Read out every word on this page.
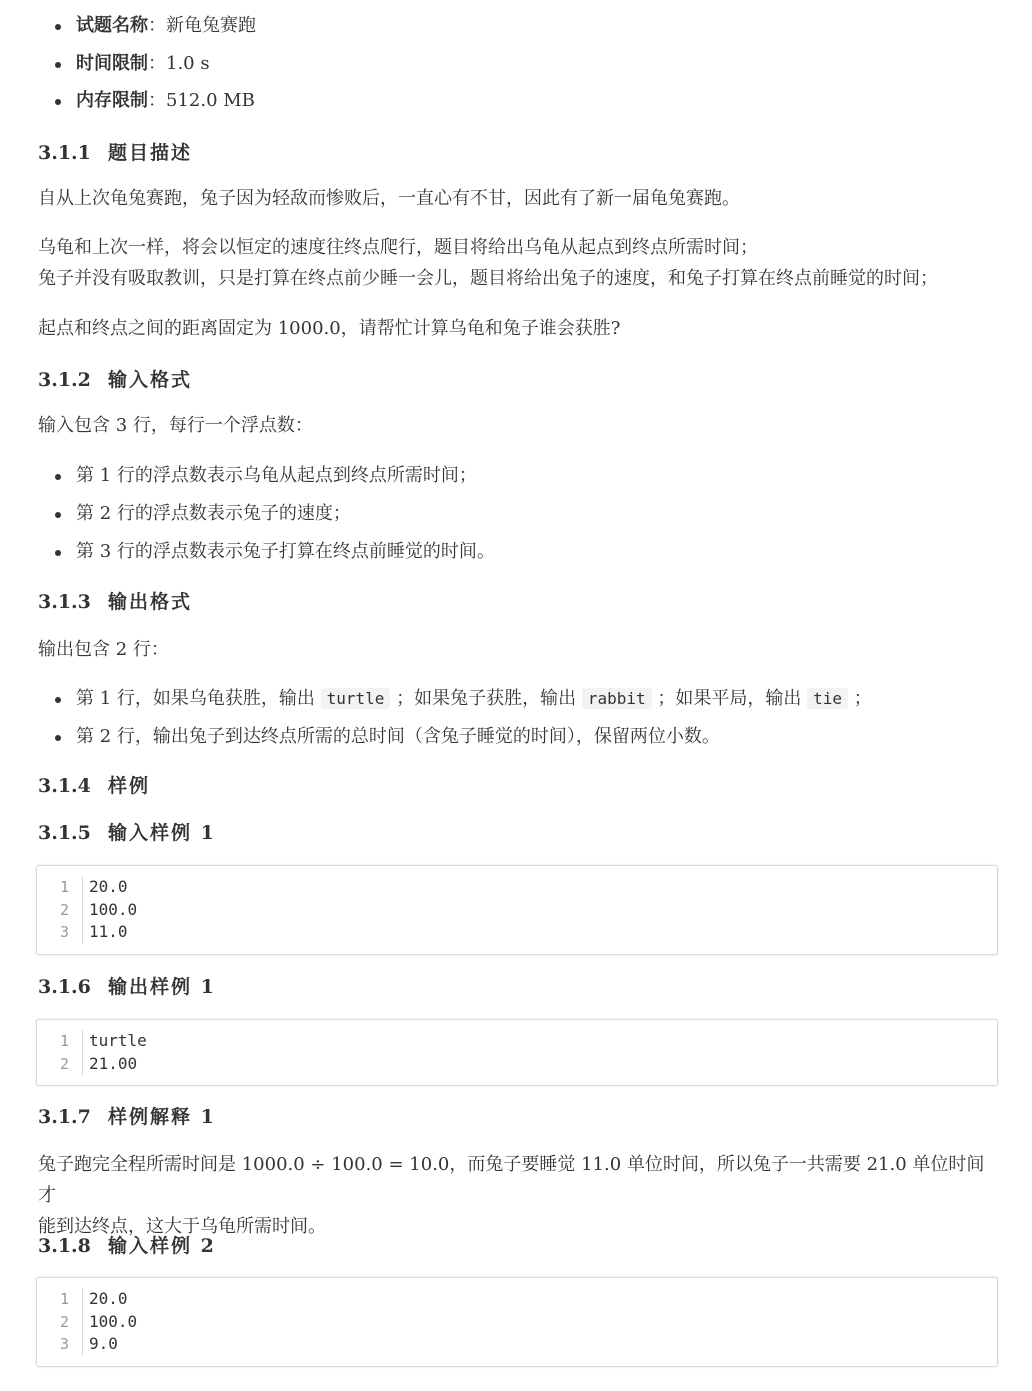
试题名称：新龟兔赛跑
时间限制：1.0 s
内存限制：512.0 MB
3.1.1 题目描述

自从上次龟兔赛跑，兔子因为轻敌而惨败后，一直心有不甘，因此有了新一届龟兔赛跑。

乌龟和上次一样，将会以恒定的速度往终点爬行，题目将给出乌龟从起点到终点所需时间；
兔子并没有吸取教训，只是打算在终点前少睡一会儿，题目将给出兔子的速度，和兔子打算在终点前睡觉的时间；

起点和终点之间的距离固定为 1000.0，请帮忙计算乌龟和兔子谁会获胜?

3.1.2 输入格式

输入包含 3 行，每行一个浮点数：

第 1 行的浮点数表示乌龟从起点到终点所需时间；
第 2 行的浮点数表示兔子的速度；
第 3 行的浮点数表示兔子打算在终点前睡觉的时间。
3.1.3 输出格式

输出包含 2 行：

第 1 行，如果乌龟获胜，输出 turtle ；如果兔子获胜，输出 rabbit ；如果平局，输出 tie ；
第 2 行，输出兔子到达终点所需的总时间（含兔子睡觉的时间），保留两位小数。
3.1.4 样例
3.1.5 输入样例 1
1 20.0
2 100.0
3 11.0
3.1.6 输出样例 1
1 turtle
2 21.00
3.1.7 样例解释 1

兔子跑完全程所需时间是 1000.0 ÷ 100.0 = 10.0，而兔子要睡觉 11.0 单位时间，所以兔子一共需要 21.0 单位时间才
能到达终点，这大于乌龟所需时间。

3.1.8 输入样例 2
1 20.0
2 100.0
3 9.0
